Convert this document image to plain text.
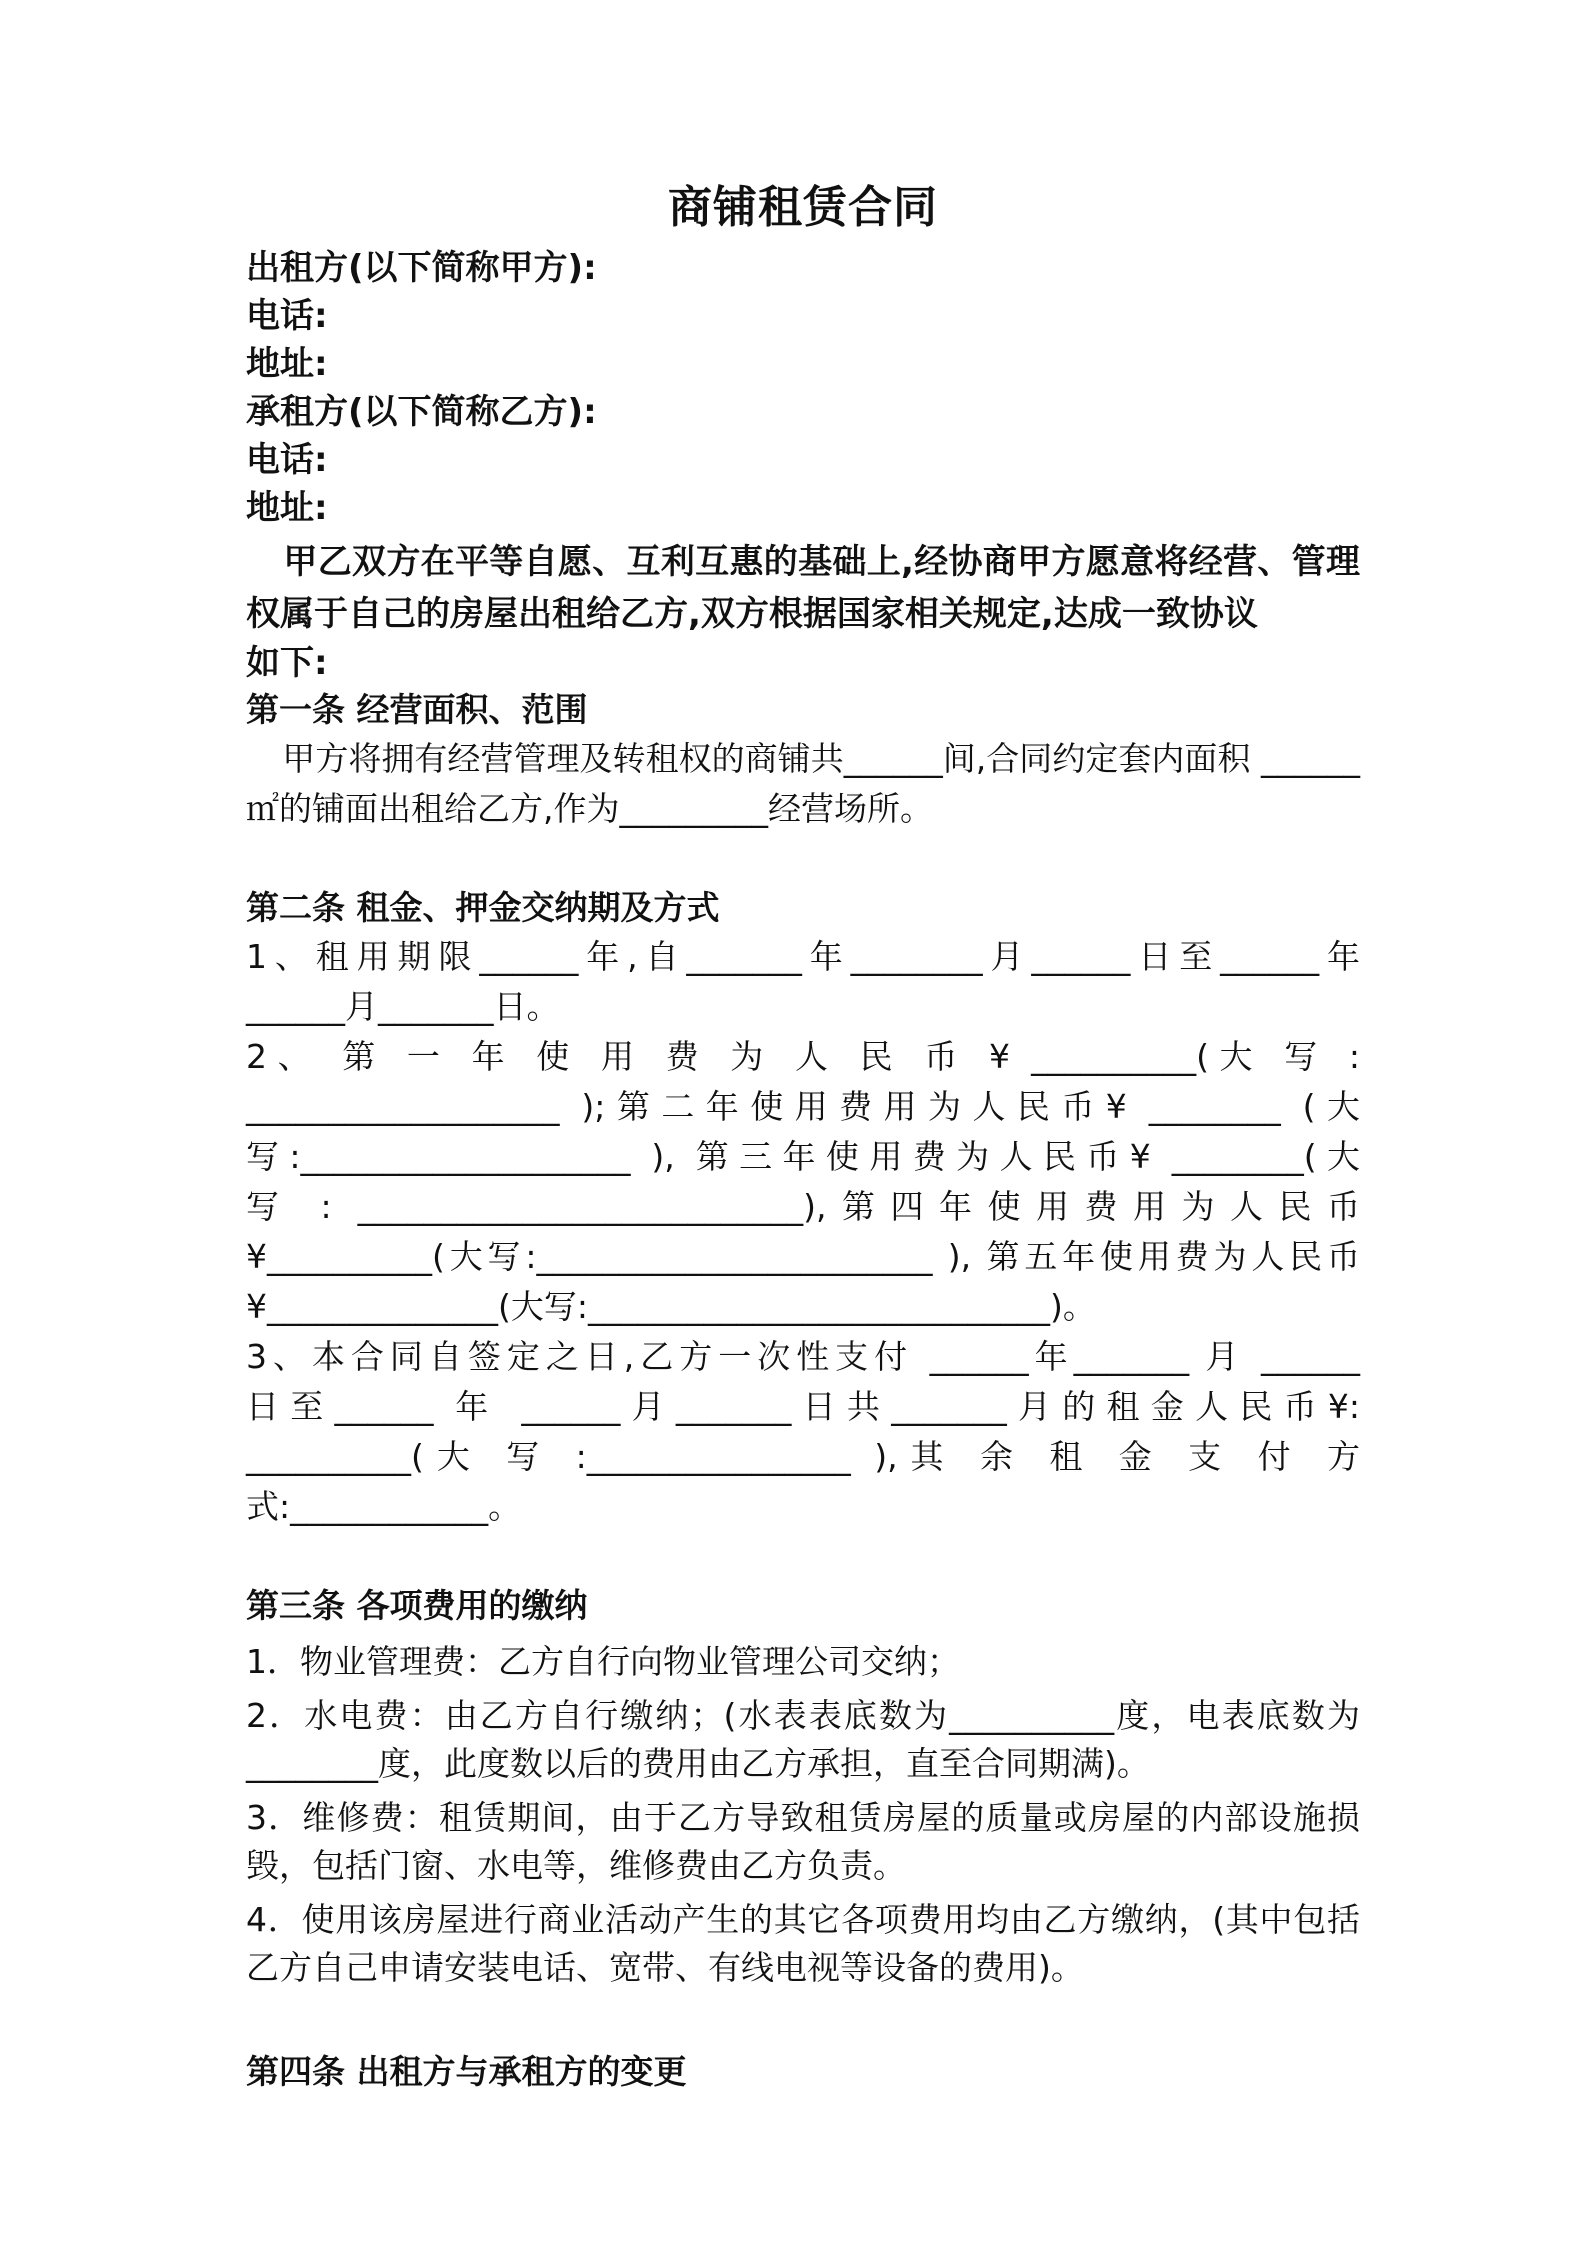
商铺租赁合同

出租方(以下简称甲方):

电话:

地址:

承租方(以下简称乙方):

电话:

地址:

甲乙双方在平等自愿、互利互惠的基础上,经协商甲方愿意将经营、管理权属于自己的房屋出租给乙方,双方根据国家相关规定,达成一致协议

如下:

第一条 经营面积、范围

甲方将拥有经营管理及转租权的商铺共______间,合同约定套内面积 ______㎡的铺面出租给乙方,作为_________经营场所。

第二条 租金、押金交纳期及方式

1、租用期限______年,自_______年________月______日至______年

______月_______日。

2、 第 一 年 使 用 费 为 人 民 币 ¥ __________(大 写 :

___________________ );第二年使用费用为人民币¥ ________ (大

写:____________________ ), 第三年使用费为人民币¥ ________(大

写 : ___________________________),第四年使用费用为人民币

¥__________(大写:________________________ ), 第五年使用费为人民币

¥______________(大写:____________________________)。

3、本合同自签定之日,乙方一次性支付 ______年_______ 月 ______

日至______ 年 ______月_______日共_______月的租金人民币¥:

__________(大 写 :________________ ),其 余 租 金 支 付 方

式:____________。

第三条 各项费用的缴纳

1．物业管理费：乙方自行向物业管理公司交纳；

2．水电费：由乙方自行缴纳；(水表表底数为__________度，电表底数为________度，此度数以后的费用由乙方承担，直至合同期满)。

3．维修费：租赁期间，由于乙方导致租赁房屋的质量或房屋的内部设施损毁，包括门窗、水电等，维修费由乙方负责。

4．使用该房屋进行商业活动产生的其它各项费用均由乙方缴纳，(其中包括乙方自己申请安装电话、宽带、有线电视等设备的费用)。

第四条 出租方与承租方的变更
